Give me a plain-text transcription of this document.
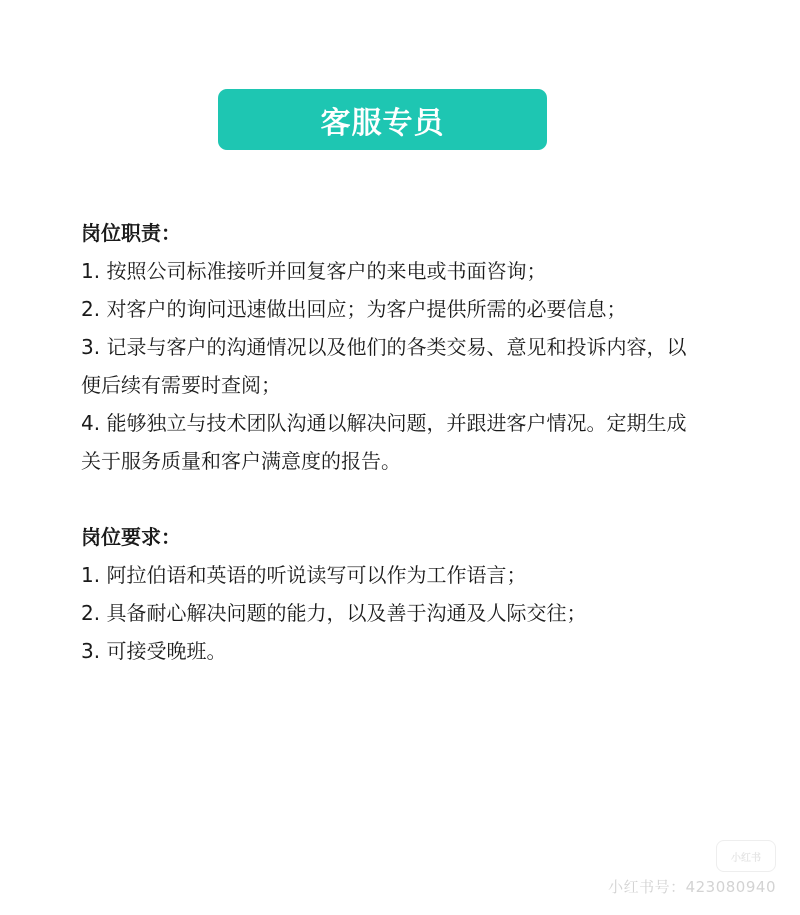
客服专员

岗位职责：

1. 按照公司标准接听并回复客户的来电或书面咨询；
2. 对客户的询问迅速做出回应；为客户提供所需的必要信息；
3. 记录与客户的沟通情况以及他们的各类交易、意见和投诉内容，以
便后续有需要时查阅；
4. 能够独立与技术团队沟通以解决问题，并跟进客户情况。定期生成
关于服务质量和客户满意度的报告。

岗位要求：

1. 阿拉伯语和英语的听说读写可以作为工作语言；
2. 具备耐心解决问题的能力，以及善于沟通及人际交往；
3. 可接受晚班。
小红书
小红书号：423080940
